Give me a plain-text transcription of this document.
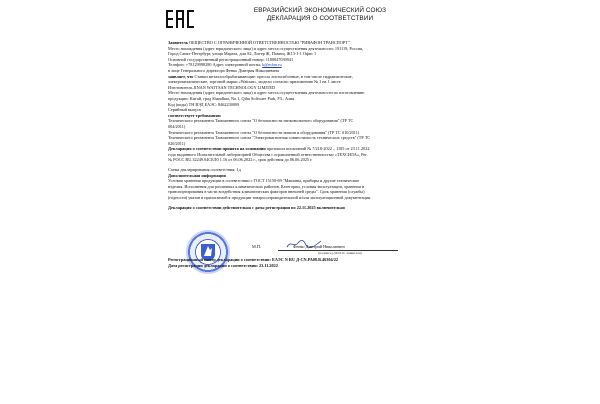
ЕВРАЗИЙСКИЙ ЭКОНОМИЧЕСКИЙ СОЮЗ
ДЕКЛАРАЦИЯ О СООТВЕТСТВИИ

Заявитель ОБЩЕСТВО С ОГРАНИЧЕННОЙ ОТВЕТСТВЕННОСТЬЮ "РИВАФОН ТРАНСПОРТ"

Место нахождения (адрес юридического лица) и адрес места осуществления деятельности: 191119, Россия,

Город Санкт-Петербург, улица Марата, дом 82, Литер Ж, Помещ. Ж13-1-1 Офис 1

Основной государственный регистрационный номер: 1180847030941

Телефон: +78129998280 Адрес электронной почты: k@mfan.ru

в лице Генерального директора Фенко Дмитрия Николаевича

заявляет, что Станки металлообрабатывающие: прессы листогибочные, в том числе гидравлические,

электромеханические, торговой марки «Wattsan», модели согласно приложению № 1 на 1 листе

Изготовитель JINAN WATTSAN TECHNOLOGY LIMITED

Место нахождения (адрес юридического лица) и адрес места осуществления деятельности по изготовлению

продукции: Китай, град Shandhua, No.1, Qihu Software Park, F3., Азия

Код (коды) ТН ВЭД ЕАЭС: 8462230009

Серийный выпуск

соответствует требованиям

Технического регламента Таможенного союза "О безопасности низковольтного оборудования" (ТР ТС

004/2011)

Технического регламента Таможенного союза "О безопасности машин и оборудования" (ТР ТС 010/2011)

Технического регламента Таможенного союза "Электромагнитная совместимость технических средств" (ТР ТС

020/2011)

Декларация о соответствии принята на основании протокола испытаний № 7/218-2022 – 1185 от 23.11.2022

года выданного Испытательной лабораторией Общества с ограниченной ответственностью «ТЕХСИЛА», Рег.

№ РОСС RU.32249.04СЕЛ0 1.16 от 06.06.2022 г., срок действия до 06.06.2025 г.

Схема декларирования соответствия: 1д

Дополнительная информация

Условия хранения продукции в соответствии с ГОСТ 15150-69 "Машины, приборы и другие технические

изделия. Исполнения для различных климатических районов. Категории, условия эксплуатации, хранения и

транспортирования в части воздействия климатических факторов внешней среды". Срок хранения (службы)

(годности) указан в прилагаемой к продукции товаросопроводительной и/или эксплуатационной документации.

Декларация о соответствии действительна с даты регистрации по 22.11.2025 включительно

М.П.	Фенко Дмитрий Николаевич
(подпись) (Ф.И.О. заявителя)

Регистрационный номер декларации о соответствии: ЕАЭС N RU Д-CN.РА08.В.46304/22

Дата регистрации декларации о соответствии: 23.11.2022
